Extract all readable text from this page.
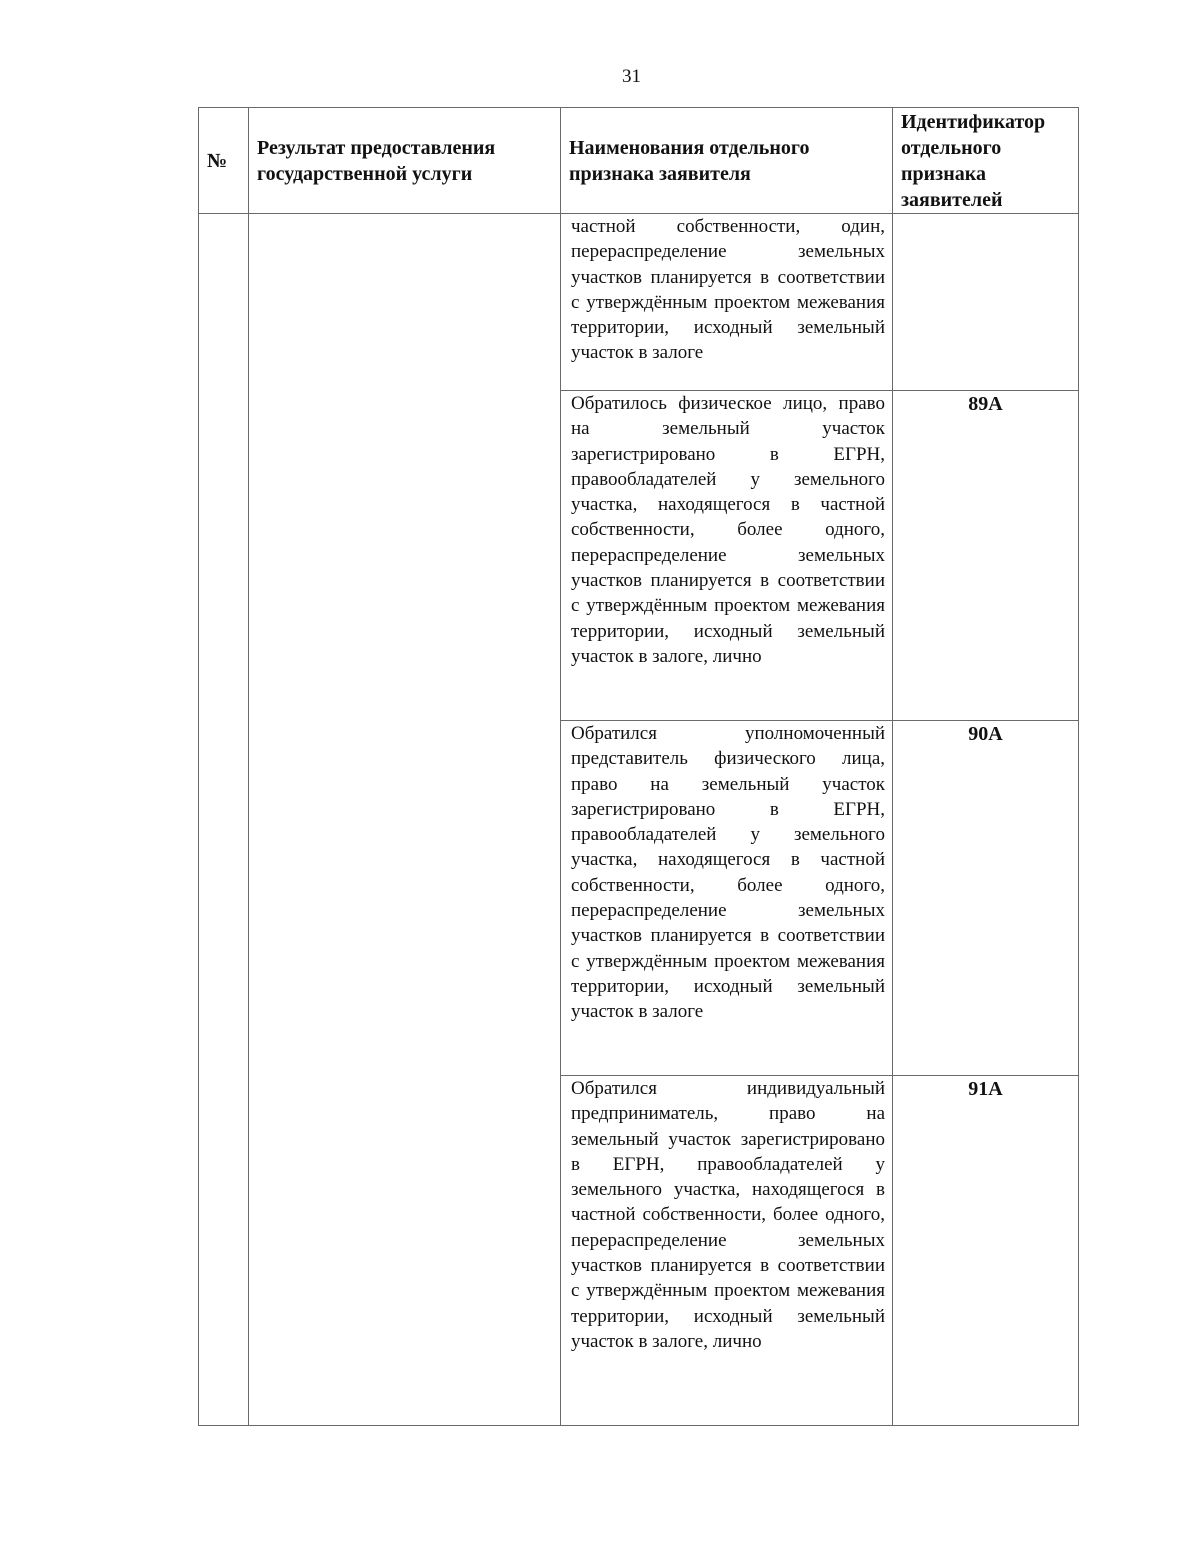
31
№	Результат предоставления государственной услуги	Наименования отдельного признака заявителя	Идентификатор отдельного признака заявителей
		частной собственности, один, перераспределение земельных участков планируется в соответствии с утверждённым проектом межевания территории, исходный земельный участок в залоге	
		Обратилось физическое лицо, право на земельный участок зарегистрировано в ЕГРН, правообладателей у земельного участка, находящегося в частной собственности, более одного, перераспределение земельных участков планируется в соответствии с утверждённым проектом межевания территории, исходный земельный участок в залоге, лично	89А
		Обратился уполномоченный представитель физического лица, право на земельный участок зарегистрировано в ЕГРН, правообладателей у земельного участка, находящегося в частной собственности, более одного, перераспределение земельных участков планируется в соответствии с утверждённым проектом межевания территории, исходный земельный участок в залоге	90А
		Обратился индивидуальный предприниматель, право на земельный участок зарегистрировано в ЕГРН, правообладателей у земельного участка, находящегося в частной собственности, более одного, перераспределение земельных участков планируется в соответствии с утверждённым проектом межевания территории, исходный земельный участок в залоге, лично	91А
